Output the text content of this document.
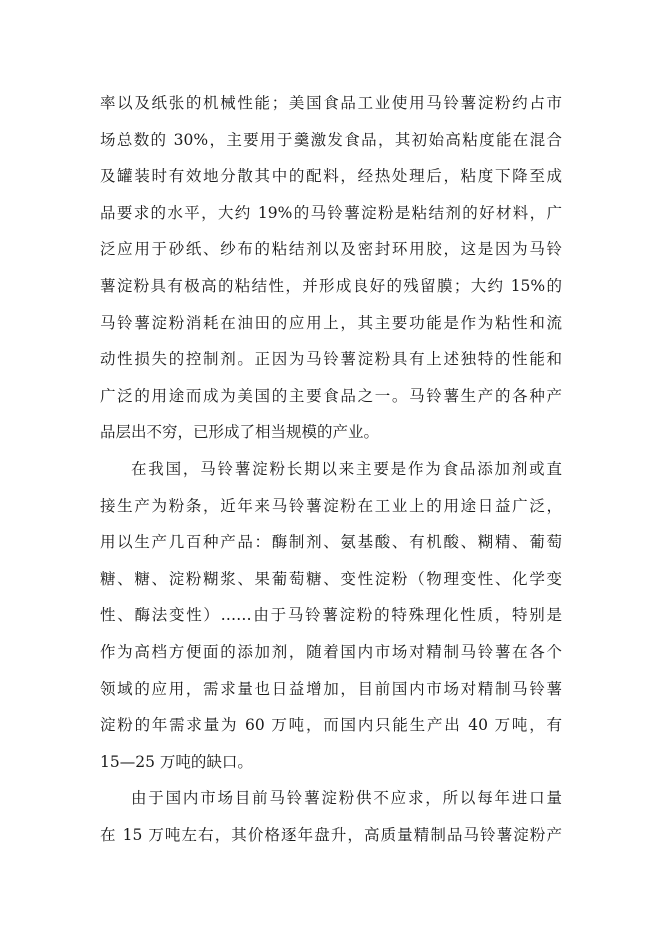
率以及纸张的机械性能；美国食品工业使用马铃薯淀粉约占市
场总数的 30%，主要用于羹激发食品，其初始高粘度能在混合
及罐装时有效地分散其中的配料，经热处理后，粘度下降至成
品要求的水平，大约 19%的马铃薯淀粉是粘结剂的好材料，广
泛应用于砂纸、纱布的粘结剂以及密封环用胶，这是因为马铃
薯淀粉具有极高的粘结性，并形成良好的残留膜；大约 15%的
马铃薯淀粉消耗在油田的应用上，其主要功能是作为粘性和流
动性损失的控制剂。正因为马铃薯淀粉具有上述独特的性能和
广泛的用途而成为美国的主要食品之一。马铃薯生产的各种产
品层出不穷，已形成了相当规模的产业。
在我国，马铃薯淀粉长期以来主要是作为食品添加剂或直
接生产为粉条，近年来马铃薯淀粉在工业上的用途日益广泛，
用以生产几百种产品：酶制剂、氨基酸、有机酸、糊精、葡萄
糖、糖、淀粉糊浆、果葡萄糖、变性淀粉（物理变性、化学变
性、酶法变性）……由于马铃薯淀粉的特殊理化性质，特别是
作为高档方便面的添加剂，随着国内市场对精制马铃薯在各个
领域的应用，需求量也日益增加，目前国内市场对精制马铃薯
淀粉的年需求量为 60 万吨，而国内只能生产出 40 万吨，有
15—25 万吨的缺口。
由于国内市场目前马铃薯淀粉供不应求，所以每年进口量
在 15 万吨左右，其价格逐年盘升，高质量精制品马铃薯淀粉产
